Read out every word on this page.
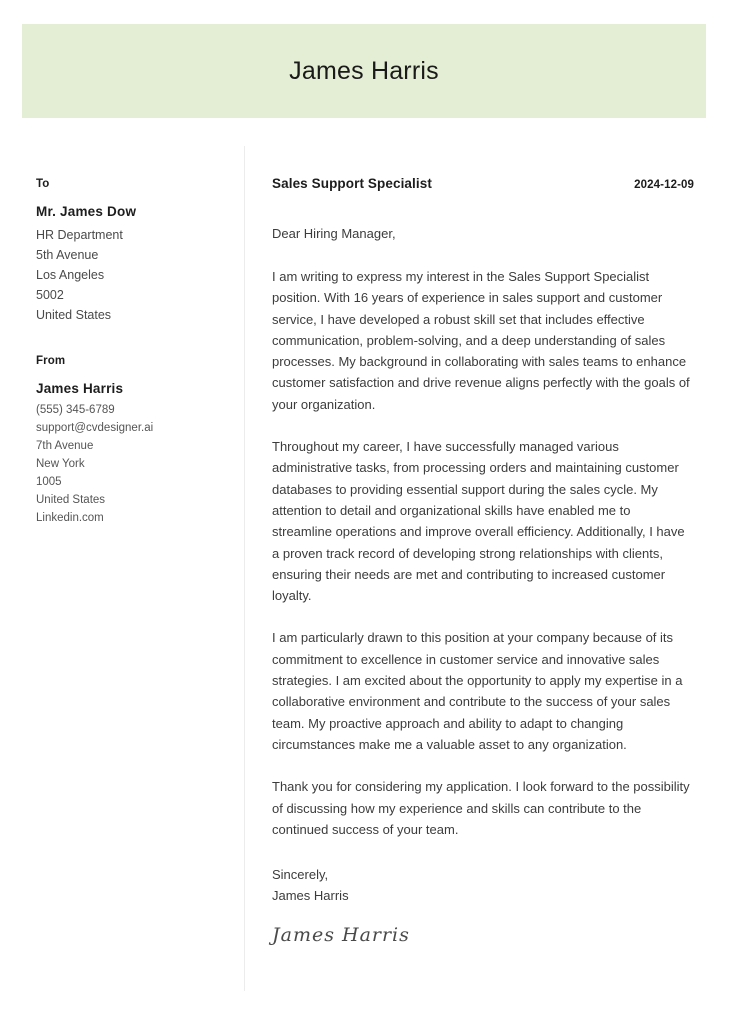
James Harris
To
Mr. James Dow
HR Department
5th Avenue
Los Angeles
5002
United States
From
James Harris
(555) 345-6789
support@cvdesigner.ai
7th Avenue
New York
1005
United States
Linkedin.com
Sales Support Specialist	2024-12-09
Dear Hiring Manager,
I am writing to express my interest in the Sales Support Specialist position. With 16 years of experience in sales support and customer service, I have developed a robust skill set that includes effective communication, problem-solving, and a deep understanding of sales processes. My background in collaborating with sales teams to enhance customer satisfaction and drive revenue aligns perfectly with the goals of your organization.
Throughout my career, I have successfully managed various administrative tasks, from processing orders and maintaining customer databases to providing essential support during the sales cycle. My attention to detail and organizational skills have enabled me to streamline operations and improve overall efficiency. Additionally, I have a proven track record of developing strong relationships with clients, ensuring their needs are met and contributing to increased customer loyalty.
I am particularly drawn to this position at your company because of its commitment to excellence in customer service and innovative sales strategies. I am excited about the opportunity to apply my expertise in a collaborative environment and contribute to the success of your sales team. My proactive approach and ability to adapt to changing circumstances make me a valuable asset to any organization.
Thank you for considering my application. I look forward to the possibility of discussing how my experience and skills can contribute to the continued success of your team.
Sincerely,
James Harris
James Harris
